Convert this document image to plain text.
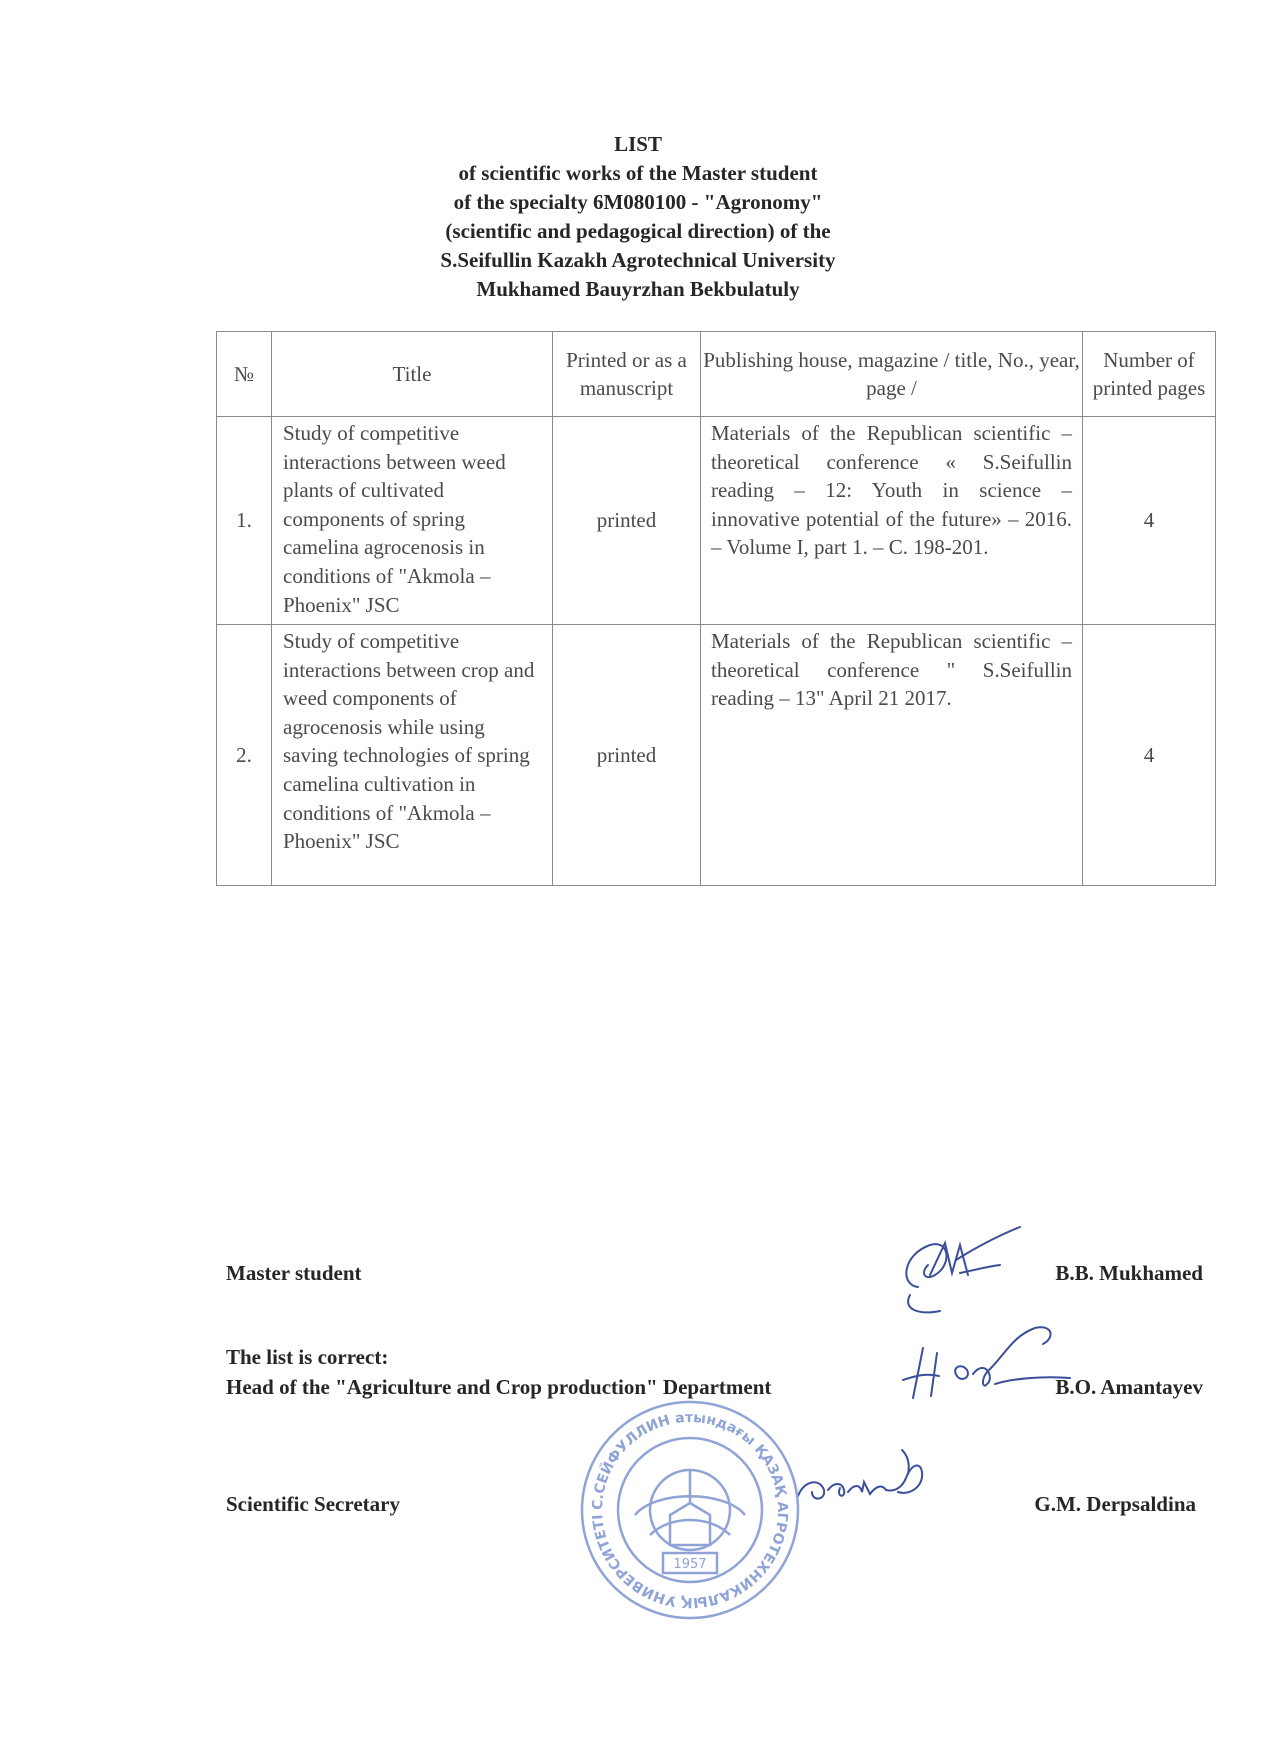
LIST
of scientific works of the Master student
of the specialty 6M080100 - "Agronomy"
(scientific and pedagogical direction) of the
S.Seifullin Kazakh Agrotechnical University
Mukhamed Bauyrzhan Bekbulatuly
№	Title	Printed or as a manuscript	Publishing house, magazine / title, No., year, page /	Number of printed pages
1.	Study of competitive interactions between weed plants of cultivated components of spring camelina agrocenosis in conditions of "Akmola – Phoenix" JSC	printed	Materials of the Republican scientific – theoretical conference « S.Seifullin reading – 12: Youth in science – innovative potential of the future» – 2016. – Volume I, part 1. – C. 198-201.	4
2.	Study of competitive interactions between crop and weed components of agrocenosis while using saving technologies of spring camelina cultivation in conditions of "Akmola – Phoenix" JSC	printed	Materials of the Republican scientific – theoretical conference " S.Seifullin reading – 13" April 21 2017.	4
Master student	B.B. Mukhamed
The list is correct:
Head of the "Agriculture and Crop production" Department	B.O. Amantayev
Scientific Secretary	G.M. Derpsaldina
С.СЕЙФУЛЛИН атындағы ҚАЗАҚ АГРОТЕХНИКАЛЫҚ УНИВЕРСИТЕТІ
1957
